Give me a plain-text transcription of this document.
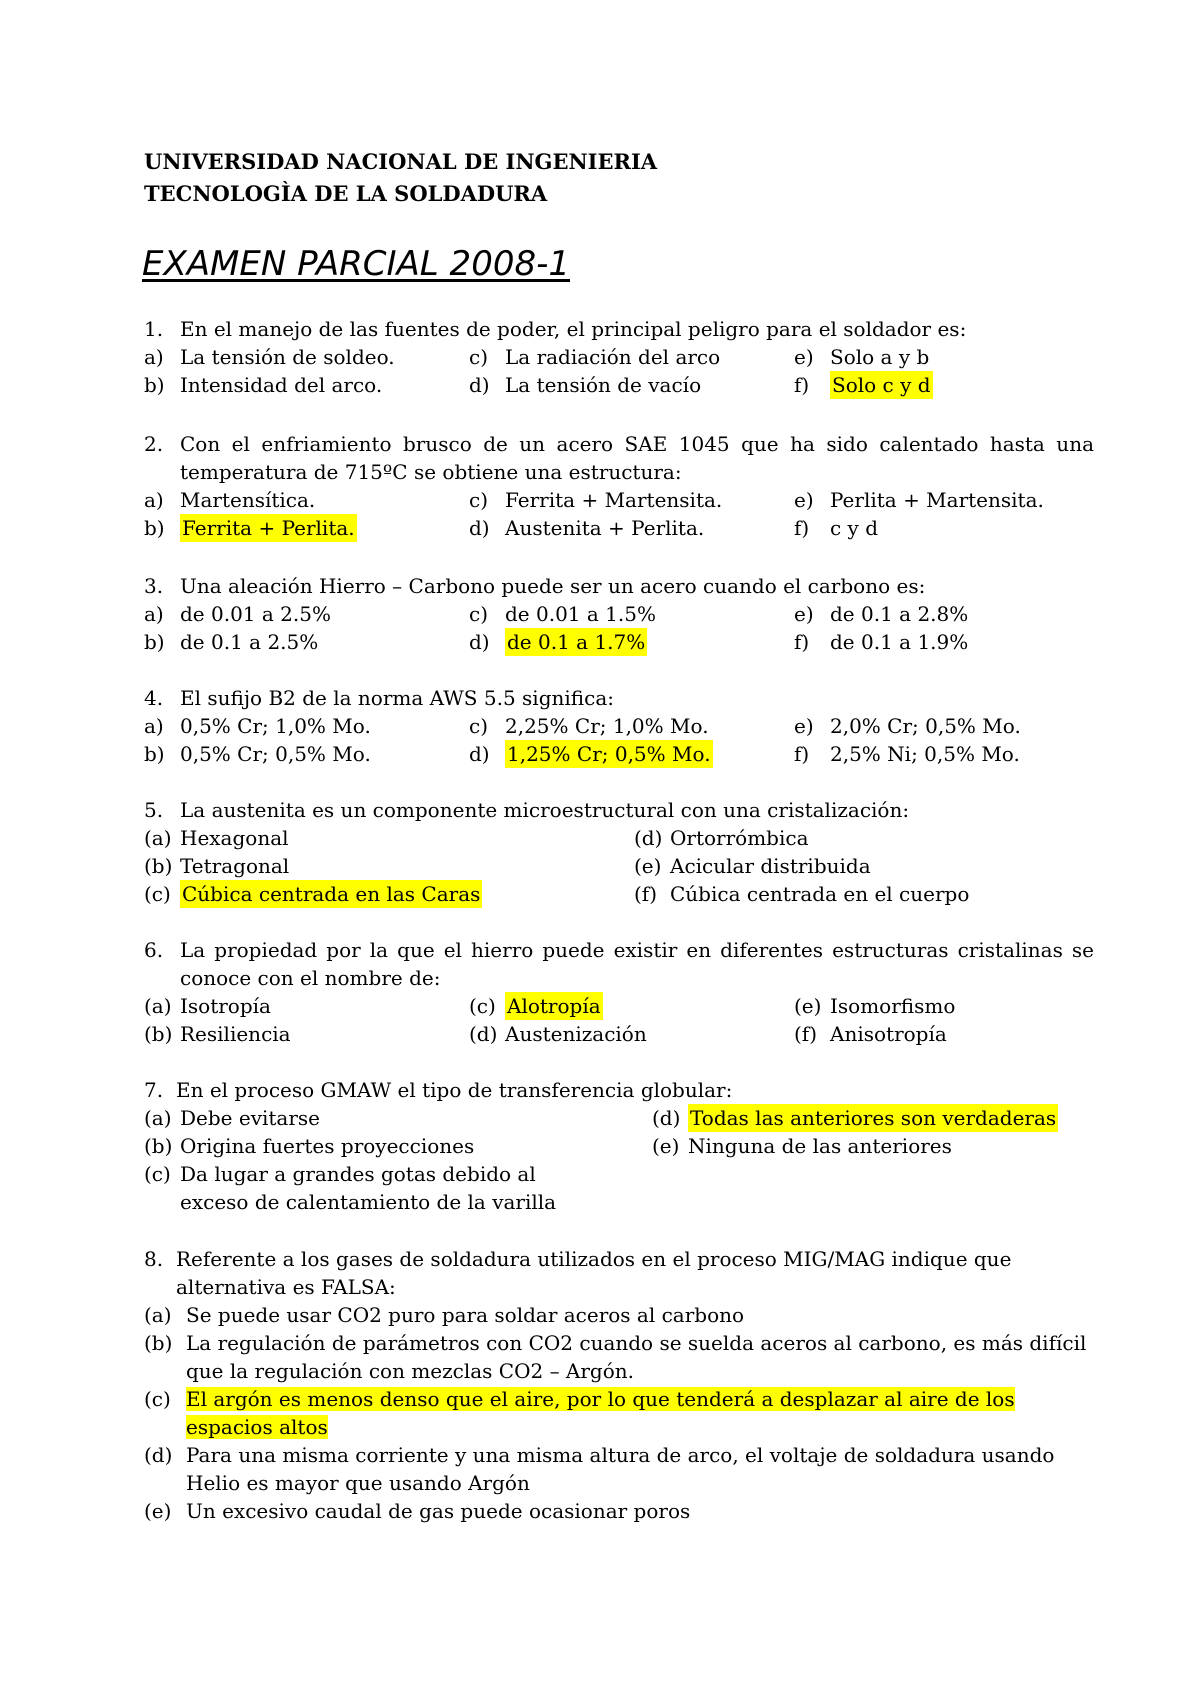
UNIVERSIDAD NACIONAL DE INGENIERIA
TECNOLOGÌA DE LA SOLDADURA
EXAMEN PARCIAL 2008-1
1. En el manejo de las fuentes de poder, el principal peligro para el soldador es:
a) La tensión de soldeo.	c) La radiación del arco	e) Solo a y b
b) Intensidad del arco.	d) La tensión de vacío	f)	Solo c y d
2. Con el enfriamiento brusco de un acero SAE 1045 que ha sido calentado hasta una temperatura de 715ºC se obtiene una estructura:
a) Martensítica.	c) Ferrita + Martensita.	e) Perlita + Martensita.
b) Ferrita + Perlita.	d) Austenita + Perlita.	f)	c y d
3. Una aleación Hierro – Carbono puede ser un acero cuando el carbono es:
a) de 0.01 a 2.5%	c) de 0.01 a 1.5%	e) de 0.1 a 2.8%
b) de 0.1 a 2.5%	d) de 0.1 a 1.7%	f)	de 0.1 a 1.9%
4. El sufijo B2 de la norma AWS 5.5 significa:
a) 0,5% Cr; 1,0% Mo.	c) 2,25% Cr; 1,0% Mo.	e) 2,0% Cr; 0,5% Mo.
b) 0,5% Cr; 0,5% Mo.	d) 1,25% Cr; 0,5% Mo.	f)	2,5% Ni; 0,5% Mo.
5. La austenita es un componente microestructural con una cristalización:
(a) Hexagonal	(d) Ortorrómbica
(b) Tetragonal	(e) Acicular distribuida
(c) Cúbica centrada en las Caras	(f) Cúbica centrada en el cuerpo
6. La propiedad por la que el hierro puede existir en diferentes estructuras cristalinas se conoce con el nombre de:
(a) Isotropía	(c) Alotropía	(e) Isomorfismo
(b) Resiliencia	(d) Austenización	(f) Anisotropía
7. En el proceso GMAW el tipo de transferencia globular:
(a) Debe evitarse	(d) Todas las anteriores son verdaderas
(b) Origina fuertes proyecciones	(e) Ninguna de las anteriores
(c) Da lugar a grandes gotas debido al
exceso de calentamiento de la varilla
8. Referente a los gases de soldadura utilizados en el proceso MIG/MAG indique que alternativa es FALSA:
(a) Se puede usar CO2 puro para soldar aceros al carbono
(b) La regulación de parámetros con CO2 cuando se suelda aceros al carbono, es más difícil que la regulación con mezclas CO2 – Argón.
(c) El argón es menos denso que el aire, por lo que tenderá a desplazar al aire de los espacios altos
(d) Para una misma corriente y una misma altura de arco, el voltaje de soldadura usando Helio es mayor que usando Argón
(e) Un excesivo caudal de gas puede ocasionar poros
